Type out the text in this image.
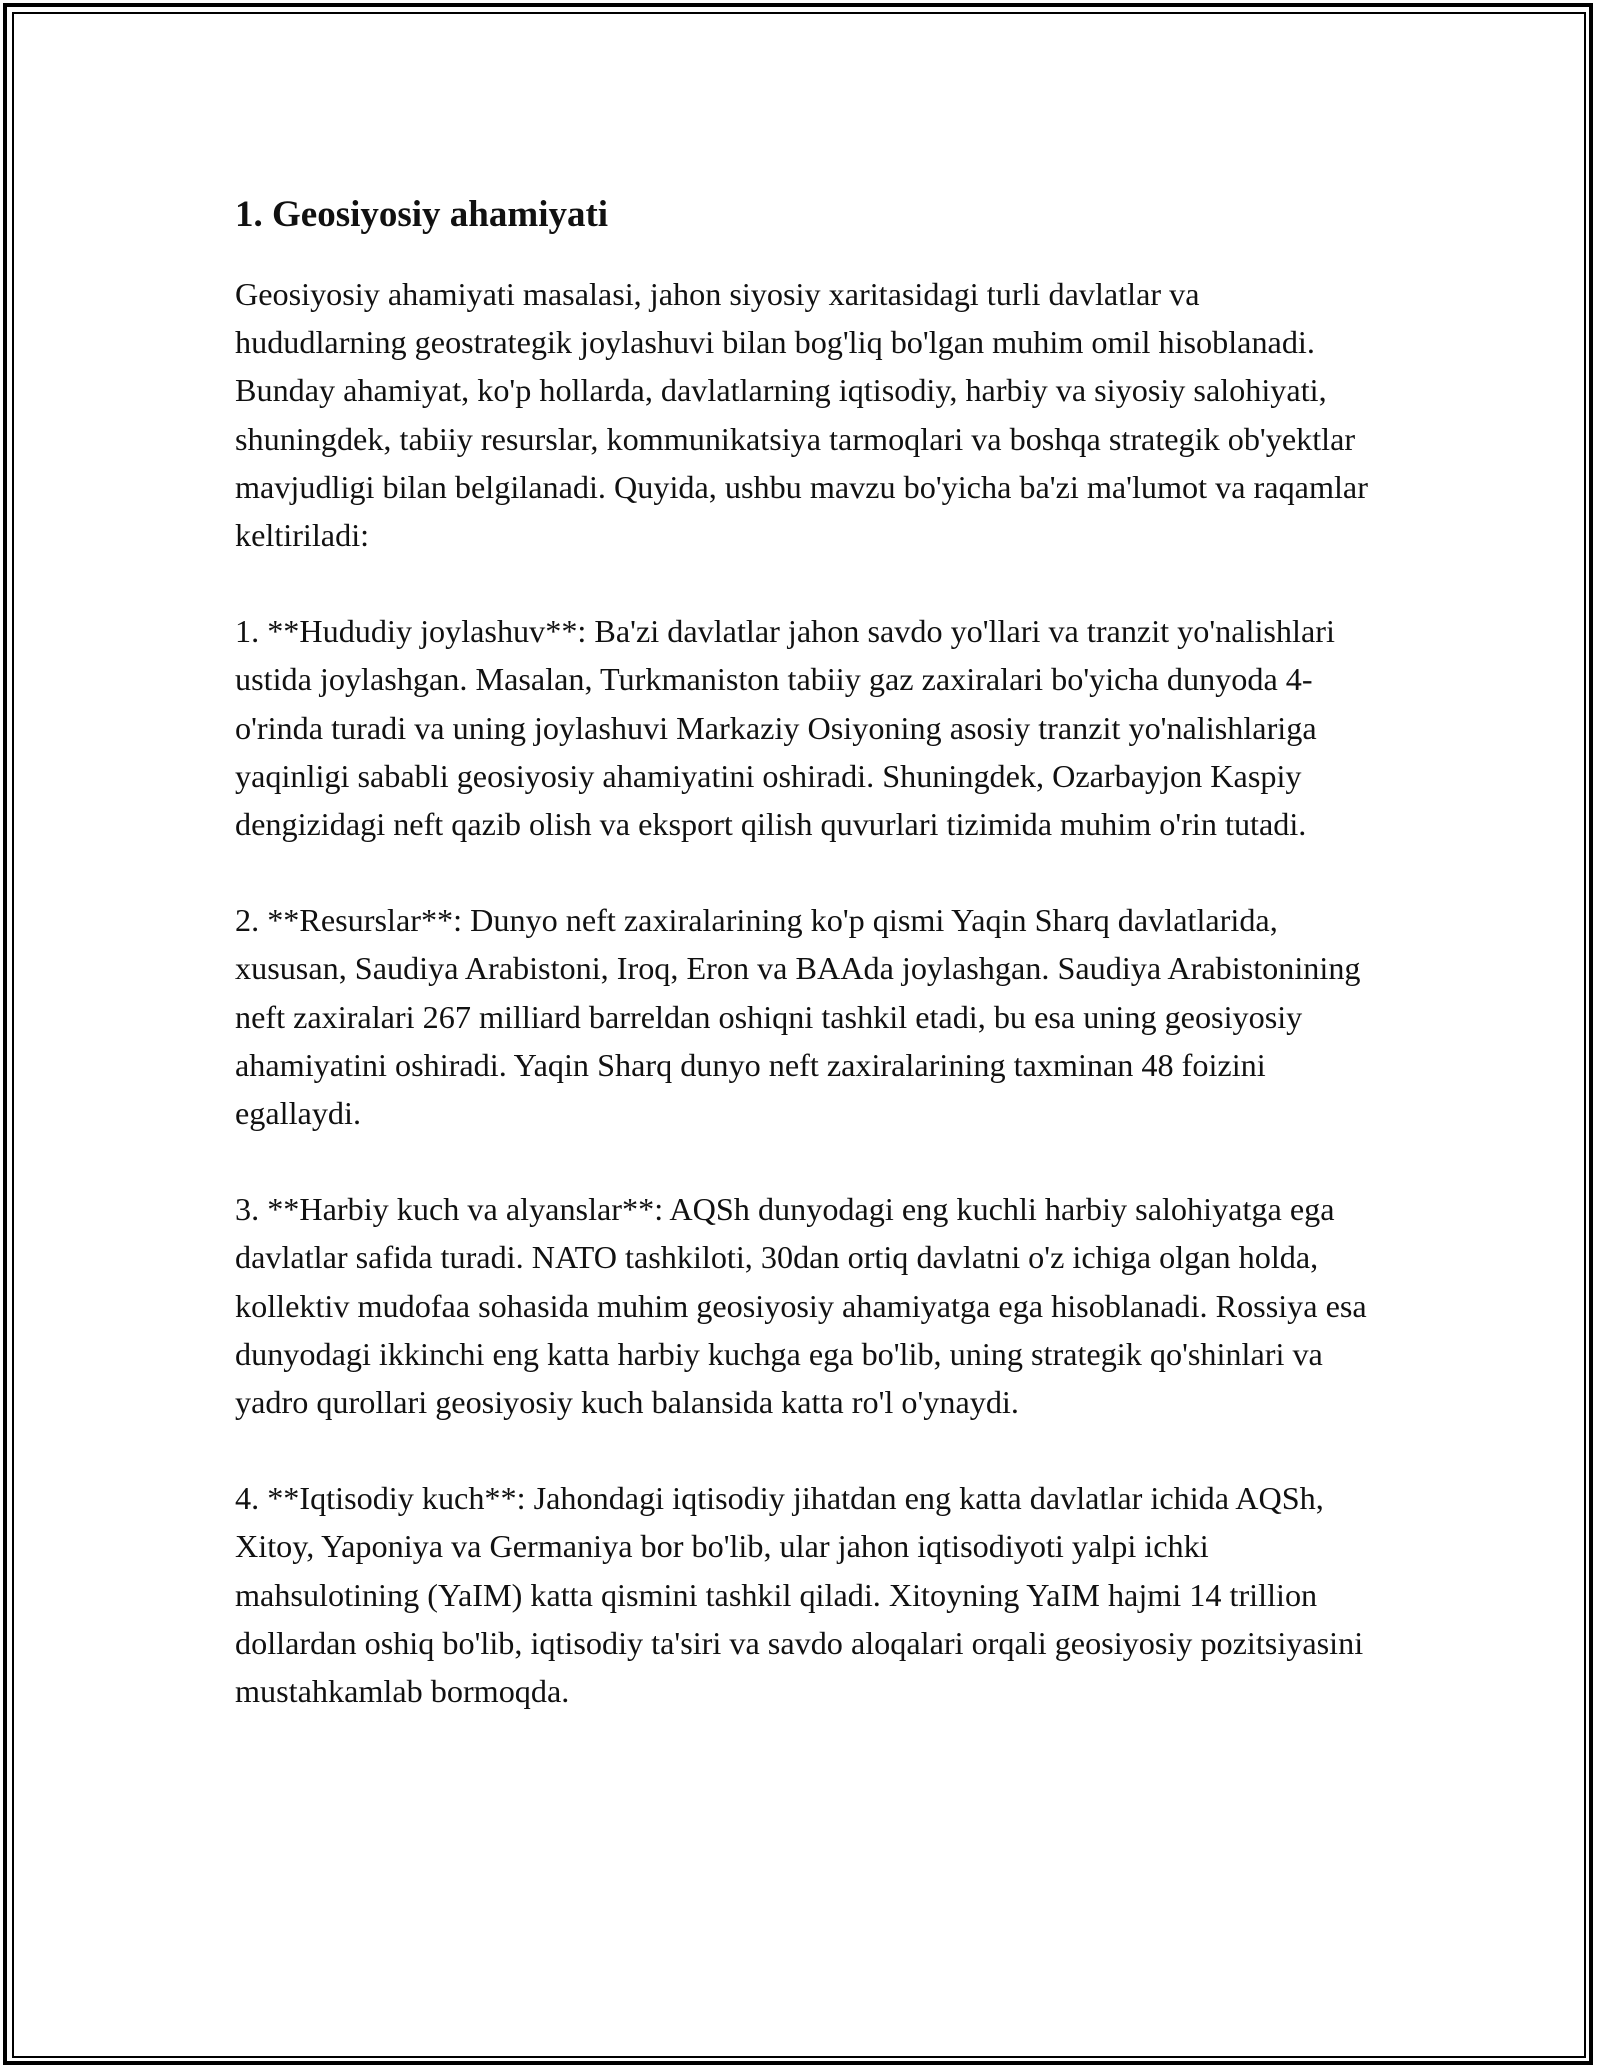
1. Geosiyosiy ahamiyati

Geosiyosiy ahamiyati masalasi, jahon siyosiy xaritasidagi turli davlatlar va hududlarning geostrategik joylashuvi bilan bog'liq bo'lgan muhim omil hisoblanadi. Bunday ahamiyat, ko'p hollarda, davlatlarning iqtisodiy, harbiy va siyosiy salohiyati, shuningdek, tabiiy resurslar, kommunikatsiya tarmoqlari va boshqa strategik ob'yektlar mavjudligi bilan belgilanadi. Quyida, ushbu mavzu bo'yicha ba'zi ma'lumot va raqamlar keltiriladi:

1. **Hududiy joylashuv**: Ba'zi davlatlar jahon savdo yo'llari va tranzit yo'nalishlari ustida joylashgan. Masalan, Turkmaniston tabiiy gaz zaxiralari bo'yicha dunyoda 4-o'rinda turadi va uning joylashuvi Markaziy Osiyoning asosiy tranzit yo'nalishlariga yaqinligi sababli geosiyosiy ahamiyatini oshiradi. Shuningdek, Ozarbayjon Kaspiy dengizidagi neft qazib olish va eksport qilish quvurlari tizimida muhim o'rin tutadi.

2. **Resurslar**: Dunyo neft zaxiralarining ko'p qismi Yaqin Sharq davlatlarida, xususan, Saudiya Arabistoni, Iroq, Eron va BAAda joylashgan. Saudiya Arabistonining neft zaxiralari 267 milliard barreldan oshiqni tashkil etadi, bu esa uning geosiyosiy ahamiyatini oshiradi. Yaqin Sharq dunyo neft zaxiralarining taxminan 48 foizini egallaydi.

3. **Harbiy kuch va alyanslar**: AQSh dunyodagi eng kuchli harbiy salohiyatga ega davlatlar safida turadi. NATO tashkiloti, 30dan ortiq davlatni o'z ichiga olgan holda, kollektiv mudofaa sohasida muhim geosiyosiy ahamiyatga ega hisoblanadi. Rossiya esa dunyodagi ikkinchi eng katta harbiy kuchga ega bo'lib, uning strategik qo'shinlari va yadro qurollari geosiyosiy kuch balansida katta ro'l o'ynaydi.

4. **Iqtisodiy kuch**: Jahondagi iqtisodiy jihatdan eng katta davlatlar ichida AQSh, Xitoy, Yaponiya va Germaniya bor bo'lib, ular jahon iqtisodiyoti yalpi ichki mahsulotining (YaIM) katta qismini tashkil qiladi. Xitoyning YaIM hajmi 14 trillion dollardan oshiq bo'lib, iqtisodiy ta'siri va savdo aloqalari orqali geosiyosiy pozitsiyasini mustahkamlab bormoqda.
